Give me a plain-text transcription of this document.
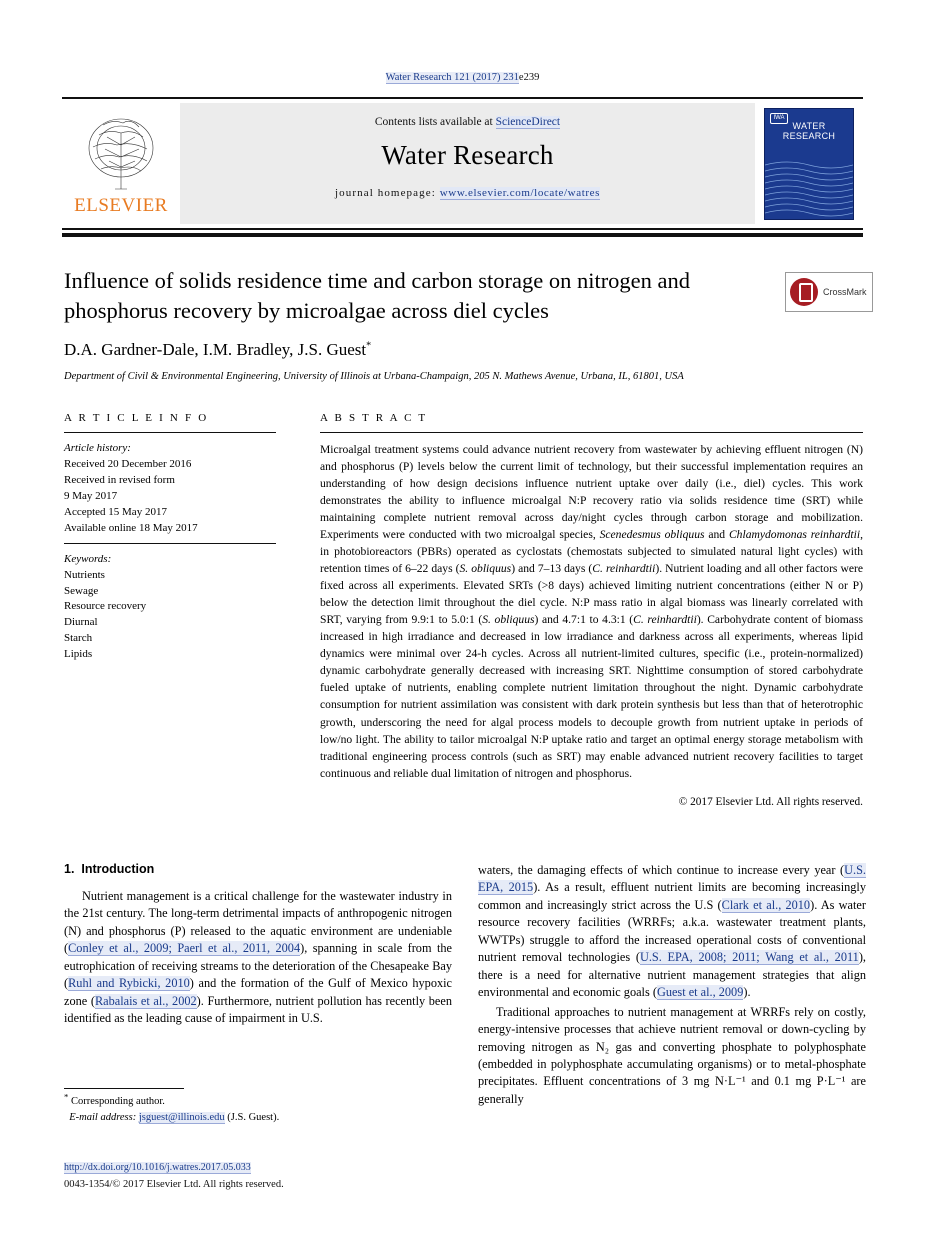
Water Research 121 (2017) 231e239
ELSEVIER
Contents lists available at ScienceDirect
Water Research
journal homepage: www.elsevier.com/locate/watres
IWA
WATER
RESEARCH
Influence of solids residence time and carbon storage on nitrogen and phosphorus recovery by microalgae across diel cycles
CrossMark
D.A. Gardner-Dale, I.M. Bradley, J.S. Guest*
Department of Civil & Environmental Engineering, University of Illinois at Urbana-Champaign, 205 N. Mathews Avenue, Urbana, IL, 61801, USA
A R T I C L E I N F O
Article history:
Received 20 December 2016
Received in revised form
9 May 2017
Accepted 15 May 2017
Available online 18 May 2017
Keywords:
Nutrients
Sewage
Resource recovery
Diurnal
Starch
Lipids
A B S T R A C T
Microalgal treatment systems could advance nutrient recovery from wastewater by achieving effluent nitrogen (N) and phosphorus (P) levels below the current limit of technology, but their successful implementation requires an understanding of how design decisions influence nutrient uptake over daily (i.e., diel) cycles. This work demonstrates the ability to influence microalgal N:P recovery ratio via solids residence time (SRT) while maintaining complete nutrient removal across day/night cycles through carbon storage and mobilization. Experiments were conducted with two microalgal species, Scenedesmus obliquus and Chlamydomonas reinhardtii, in photobioreactors (PBRs) operated as cyclostats (chemostats subjected to simulated natural light cycles) with retention times of 6–22 days (S. obliquus) and 7–13 days (C. reinhardtii). Nutrient loading and all other factors were fixed across all experiments. Elevated SRTs (>8 days) achieved limiting nutrient concentrations (either N or P) below the detection limit throughout the diel cycle. N:P mass ratio in algal biomass was linearly correlated with SRT, varying from 9.9:1 to 5.0:1 (S. obliquus) and 4.7:1 to 4.3:1 (C. reinhardtii). Carbohydrate content of biomass increased in high irradiance and decreased in low irradiance and darkness across all experiments, whereas lipid dynamics were minimal over 24-h cycles. Across all nutrient-limited cultures, specific (i.e., protein-normalized) dynamic carbohydrate generally decreased with increasing SRT. Nighttime consumption of stored carbohydrate fueled uptake of nutrients, enabling complete nutrient limitation throughout the night. Dynamic carbohydrate consumption for nutrient assimilation was consistent with dark protein synthesis but less than that of heterotrophic growth, underscoring the need for algal process models to decouple growth from nutrient uptake in periods of low/no light. The ability to tailor microalgal N:P uptake ratio and target an optimal energy storage metabolism with traditional engineering process controls (such as SRT) may enable advanced nutrient recovery facilities to target continuous and reliable dual limitation of nitrogen and phosphorus.
© 2017 Elsevier Ltd. All rights reserved.
1. Introduction

Nutrient management is a critical challenge for the wastewater industry in the 21st century. The long-term detrimental impacts of anthropogenic nitrogen (N) and phosphorus (P) released to the aquatic environment are undeniable (Conley et al., 2009; Paerl et al., 2011, 2004), spanning in scale from the eutrophication of receiving streams to the deterioration of the Chesapeake Bay (Ruhl and Rybicki, 2010) and the formation of the Gulf of Mexico hypoxic zone (Rabalais et al., 2002). Furthermore, nutrient pollution has recently been identified as the leading cause of impairment in U.S.

waters, the damaging effects of which continue to increase every year (U.S. EPA, 2015). As a result, effluent nutrient limits are becoming increasingly common and increasingly strict across the U.S (Clark et al., 2010). As water resource recovery facilities (WRRFs; a.k.a. wastewater treatment plants, WWTPs) struggle to afford the increased operational costs of conventional nutrient removal technologies (U.S. EPA, 2008; 2011; Wang et al., 2011), there is a need for alternative nutrient management strategies that align environmental and economic goals (Guest et al., 2009).

Traditional approaches to nutrient management at WRRFs rely on costly, energy-intensive processes that achieve nutrient removal or down-cycling by removing nitrogen as N₂ gas and converting phosphate to polyphosphate (embedded in polyphosphate accumulating organisms) or to metal-phosphate precipitates. Effluent concentrations of 3 mg N·L⁻¹ and 0.1 mg P·L⁻¹ are generally

* Corresponding author.
E-mail address: jsguest@illinois.edu (J.S. Guest).
http://dx.doi.org/10.1016/j.watres.2017.05.033
0043-1354/© 2017 Elsevier Ltd. All rights reserved.
